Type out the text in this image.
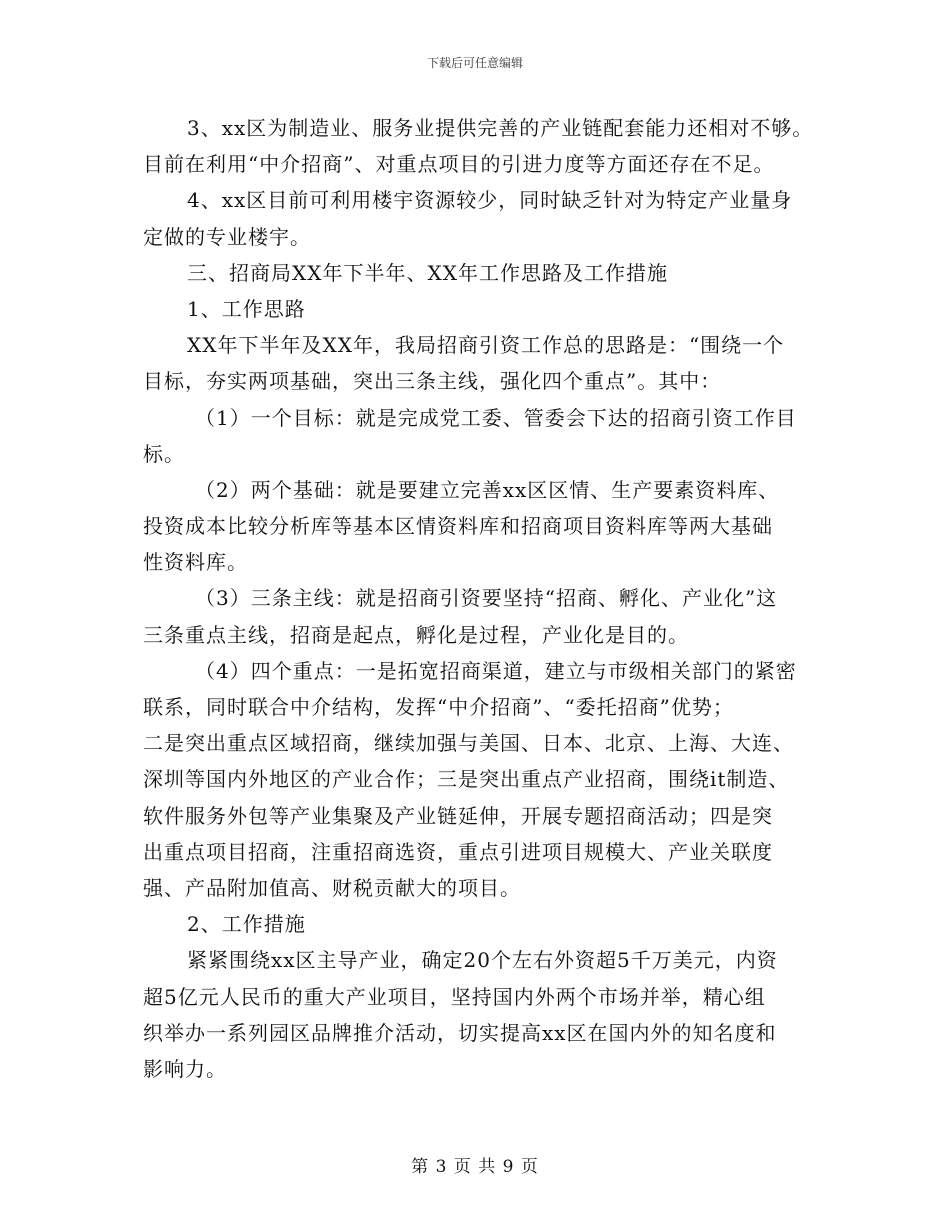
下载后可任意编辑
3、xx区为制造业、服务业提供完善的产业链配套能力还相对不够。
目前在利用“中介招商”、对重点项目的引进力度等方面还存在不足。
4、xx区目前可利用楼宇资源较少，同时缺乏针对为特定产业量身
定做的专业楼宇。
三、招商局XX年下半年、XX年工作思路及工作措施
1、工作思路
XX年下半年及XX年，我局招商引资工作总的思路是：“围绕一个
目标，夯实两项基础，突出三条主线，强化四个重点”。其中：
（1）一个目标：就是完成党工委、管委会下达的招商引资工作目
标。
（2）两个基础：就是要建立完善xx区区情、生产要素资料库、
投资成本比较分析库等基本区情资料库和招商项目资料库等两大基础
性资料库。
（3）三条主线：就是招商引资要坚持“招商、孵化、产业化”这
三条重点主线，招商是起点，孵化是过程，产业化是目的。
（4）四个重点：一是拓宽招商渠道，建立与市级相关部门的紧密
联系，同时联合中介结构，发挥“中介招商”、“委托招商”优势；
二是突出重点区域招商，继续加强与美国、日本、北京、上海、大连、
深圳等国内外地区的产业合作；三是突出重点产业招商，围绕it制造、
软件服务外包等产业集聚及产业链延伸，开展专题招商活动；四是突
出重点项目招商，注重招商选资，重点引进项目规模大、产业关联度
强、产品附加值高、财税贡献大的项目。
2、工作措施
紧紧围绕xx区主导产业，确定20个左右外资超5千万美元，内资
超5亿元人民币的重大产业项目，坚持国内外两个市场并举，精心组
织举办一系列园区品牌推介活动，切实提高xx区在国内外的知名度和
影响力。
第 3 页 共 9 页
